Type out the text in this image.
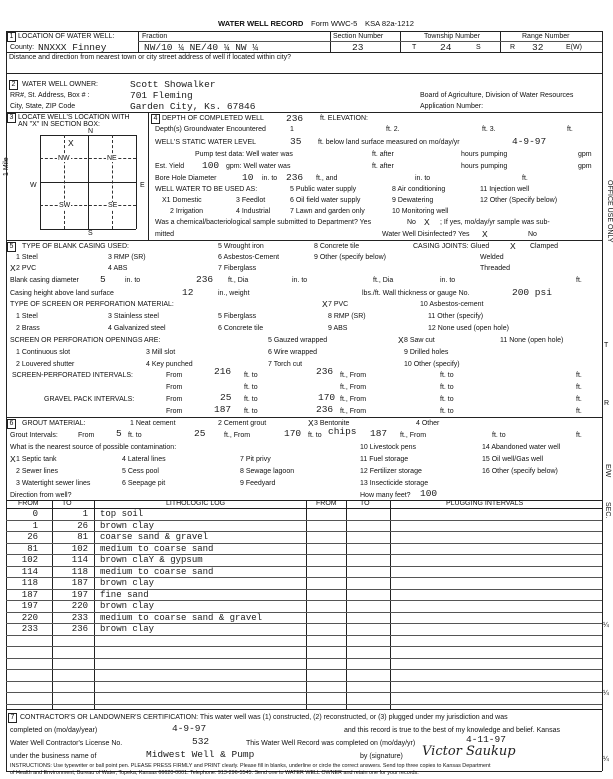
WATER WELL RECORD Form WWC-5 KSA 82a-1212
1 LOCATION OF WATER WELL:
County: NNXXX Finney
Fraction
NW/10 ¼ NE/40 ¼ NW ¼
Section Number
23
Township Number
T 24	S
Range Number
R 32	E(W)
Distance and direction from nearest town or city street address of well if located within city?
2 WATER WELL OWNER:	Scott Showalker
RR#, St. Address, Box # :	701 Fleming
City, State, ZIP Code	Garden City, Ks. 67846
Board of Agriculture, Division of Water Resources
Application Number:
3 LOCATE WELL'S LOCATION WITH
AN "X" IN SECTION BOX:
N
S
W	E
1 Mile
X
NW	NE
SW	SE
4 DEPTH OF COMPLETED WELL 236 ft. ELEVATION:
Depth(s) Groundwater Encountered	1	ft. 2.	ft. 3.	ft.
WELL'S STATIC WATER LEVEL	35 ft. below land surface measured on mo/day/yr	4-9-97
Pump test data: Well water was	ft. after	hours pumping	gpm
Est. Yield 100 gpm: Well water was	ft. after	hours pumping	gpm
Bore Hole Diameter	10 in. to 236 ft., and	in. to	ft.
WELL WATER TO BE USED AS:	5 Public water supply	8 Air conditioning	11 Injection well
X1 Domestic	3 Feedlot	6 Oil field water supply	9 Dewatering	12 Other (Specify below)
2 Irrigation	4 Industrial	7 Lawn and garden only	10 Monitoring well
Was a chemical/bacteriological sample submitted to Department? Yes	No X ; If yes, mo/day/yr sample was sub-
mitted	Water Well Disinfected? Yes X	No
5	TYPE OF BLANK CASING USED:	5 Wrought iron	8 Concrete tile	CASING JOINTS: Glued X Clamped
1 Steel	3 RMP (SR)	6 Asbestos-Cement	9 Other (specify below)	Welded
X 2 PVC	4 ABS	7 Fiberglass	Threaded
Blank casing diameter 5	in. to	236 ft., Dia	in. to	ft., Dia	in. to	ft.
Casing height above land surface	12	in., weight	lbs./ft. Wall thickness or gauge No.	200 psi
TYPE OF SCREEN OR PERFORATION MATERIAL:	X 7 PVC	10 Asbestos-cement
1 Steel	3 Stainless steel	5 Fiberglass	8 RMP (SR)	11 Other (specify)
2 Brass	4 Galvanized steel	6 Concrete tile	9 ABS	12 None used (open hole)
SCREEN OR PERFORATION OPENINGS ARE:	5 Gauzed wrapped	X 8 Saw cut	11 None (open hole)
1 Continuous slot	3 Mill slot	6 Wire wrapped	9 Drilled holes
2 Louvered shutter	4 Key punched	7 Torch cut	10 Other (specify)
SCREEN-PERFORATED INTERVALS:	From	216 ft. to	236 ft., From	ft. to	ft.
From	ft. to	ft., From	ft. to	ft.
GRAVEL PACK INTERVALS:	From	25 ft. to	170 ft., From	ft. to	ft.
From	187 ft. to	236 ft., From	ft. to	ft.
6	GROUT MATERIAL:	1 Neat cement	2 Cement grout	X 3 Bentonite	4 Other
Grout Intervals:	From 5 ft. to	25	ft., From	170 ft. to chips 187 ft., From	ft. to	ft.
What is the nearest source of possible contamination:	10 Livestock pens	14 Abandoned water well
X 1 Septic tank	4 Lateral lines	7 Pit privy	11 Fuel storage	15 Oil well/Gas well
2 Sewer lines	5 Cess pool	8 Sewage lagoon	12 Fertilizer storage	16 Other (specify below)
3 Watertight sewer lines	6 Seepage pit	9 Feedyard	13 Insecticide storage
Direction from well?	How many feet? 100
FROM	TO	LITHOLOGIC LOG	FROM	TO	PLUGGING INTERVALS
0	1 top soil
1	26 brown clay
26	81 coarse sand & gravel
81	102 medium to coarse sand
102	114 brown claY & gypsum
114	118 medium to coarse sand
118	187 brown clay
187	197 fine sand
197	220 brown clay
220	233 medium to coarse sand & gravel
233	236 brown clay
7 CONTRACTOR'S OR LANDOWNER'S CERTIFICATION: This water well was (1) constructed, (2) reconstructed, or (3) plugged under my jurisdiction and was
completed on (mo/day/year)	4-9-97	and this record is true to the best of my knowledge and belief. Kansas
Water Well Contractor's License No.	532	This Water Well Record was completed on (mo/day/yr)	4-11-97
under the business name of	Midwest Well & Pump	by (signature) Victor Saukup
INSTRUCTIONS: Use typewriter or ball point pen. PLEASE PRESS FIRMLY and PRINT clearly. Please fill in blanks, underline or circle the correct answers. Send top three copies to Kansas Department
of Health and Environment, Bureau of Water, Topeka, Kansas 66620-0001. Telephone: 913-296-5545. Send one to WATER WELL OWNER and retain one for your records.
OFFICE USE ONLY
T
R
E/W
SEC.
¼
¼
¼
